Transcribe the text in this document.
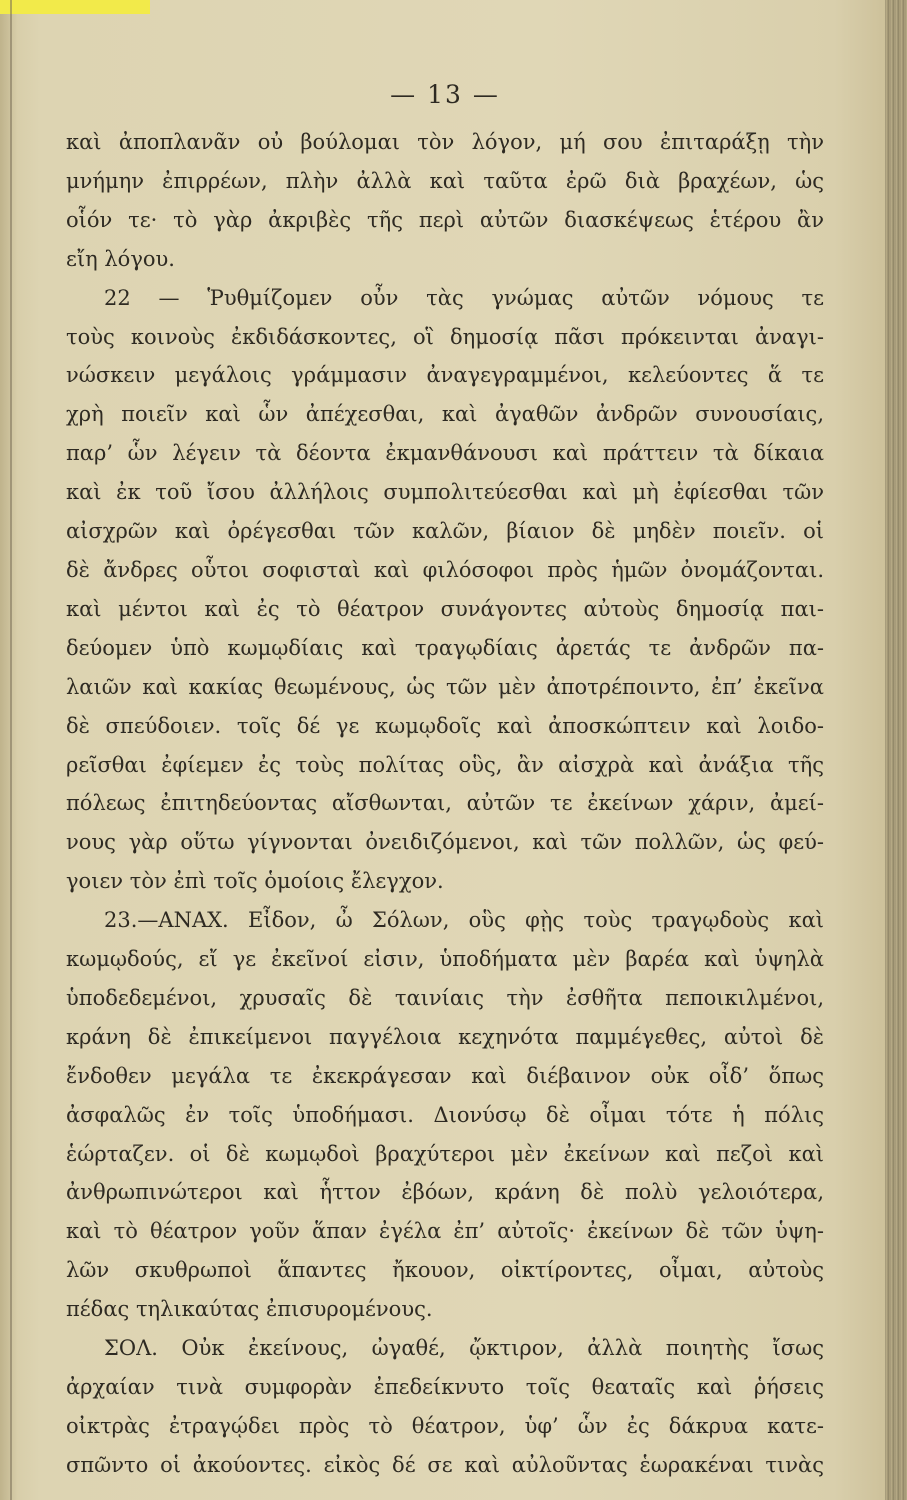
— 13 —
καὶ ἀποπλανᾶν οὐ βούλομαι τὸν λόγον, μή σου ἐπιταράξῃ τὴν
μνήμην ἐπιρρέων, πλὴν ἀλλὰ καὶ ταῦτα ἐρῶ διὰ βραχέων, ὡς
οἷόν τε· τὸ γὰρ ἀκριβὲς τῆς περὶ αὐτῶν διασκέψεως ἑτέρου ἂν
εἴη λόγου.
22 — Ῥυθμίζομεν οὖν τὰς γνώμας αὐτῶν νόμους τε
τοὺς κοινοὺς ἐκδιδάσκοντες, οἳ δημοσίᾳ πᾶσι πρόκεινται ἀναγι-
νώσκειν μεγάλοις γράμμασιν ἀναγεγραμμένοι, κελεύοντες ἅ τε
χρὴ ποιεῖν καὶ ὧν ἀπέχεσθαι, καὶ ἀγαθῶν ἀνδρῶν συνουσίαις,
παρ’ ὧν λέγειν τὰ δέοντα ἐκμανθάνουσι καὶ πράττειν τὰ δίκαια
καὶ ἐκ τοῦ ἴσου ἀλλήλοις συμπολιτεύεσθαι καὶ μὴ ἐφίεσθαι τῶν
αἰσχρῶν καὶ ὀρέγεσθαι τῶν καλῶν, βίαιον δὲ μηδὲν ποιεῖν. οἱ
δὲ ἄνδρες οὗτοι σοφισταὶ καὶ φιλόσοφοι πρὸς ἡμῶν ὀνομάζονται.
καὶ μέντοι καὶ ἐς τὸ θέατρον συνάγοντες αὐτοὺς δημοσίᾳ παι-
δεύομεν ὑπὸ κωμῳδίαις καὶ τραγῳδίαις ἀρετάς τε ἀνδρῶν πα-
λαιῶν καὶ κακίας θεωμένους, ὡς τῶν μὲν ἀποτρέποιντο, ἐπ’ ἐκεῖνα
δὲ σπεύδοιεν. τοῖς δέ γε κωμῳδοῖς καὶ ἀποσκώπτειν καὶ λοιδο-
ρεῖσθαι ἐφίεμεν ἐς τοὺς πολίτας οὓς, ἂν αἰσχρὰ καὶ ἀνάξια τῆς
πόλεως ἐπιτηδεύοντας αἴσθωνται, αὐτῶν τε ἐκείνων χάριν, ἀμεί-
νους γὰρ οὕτω γίγνονται ὀνειδιζόμενοι, καὶ τῶν πολλῶν, ὡς φεύ-
γοιεν τὸν ἐπὶ τοῖς ὁμοίοις ἔλεγχον.
23.—ΑΝΑΧ. Εἶδον, ὦ Σόλων, οὓς φῂς τοὺς τραγῳδοὺς καὶ
κωμῳδούς, εἴ γε ἐκεῖνοί εἰσιν, ὑποδήματα μὲν βαρέα καὶ ὑψηλὰ
ὑποδεδεμένοι, χρυσαῖς δὲ ταινίαις τὴν ἐσθῆτα πεποικιλμένοι,
κράνη δὲ ἐπικείμενοι παγγέλοια κεχηνότα παμμέγεθες, αὐτοὶ δὲ
ἔνδοθεν μεγάλα τε ἐκεκράγεσαν καὶ διέβαινον οὐκ οἶδ’ ὅπως
ἀσφαλῶς ἐν τοῖς ὑποδήμασι. Διονύσῳ δὲ οἶμαι τότε ἡ πόλις
ἑώρταζεν. οἱ δὲ κωμῳδοὶ βραχύτεροι μὲν ἐκείνων καὶ πεζοὶ καὶ
ἀνθρωπινώτεροι καὶ ἧττον ἐβόων, κράνη δὲ πολὺ γελοιότερα,
καὶ τὸ θέατρον γοῦν ἅπαν ἐγέλα ἐπ’ αὐτοῖς· ἐκείνων δὲ τῶν ὑψη-
λῶν σκυθρωποὶ ἅπαντες ἤκουον, οἰκτίροντες, οἶμαι, αὐτοὺς
πέδας τηλικαύτας ἐπισυρομένους.
ΣΟΛ. Οὐκ ἐκείνους, ὠγαθέ, ᾤκτιρον, ἀλλὰ ποιητὴς ἴσως
ἀρχαίαν τινὰ συμφορὰν ἐπεδείκνυτο τοῖς θεαταῖς καὶ ῥήσεις
οἰκτρὰς ἐτραγῴδει πρὸς τὸ θέατρον, ὑφ’ ὧν ἐς δάκρυα κατε-
σπῶντο οἱ ἀκούοντες. εἰκὸς δέ σε καὶ αὐλοῦντας ἑωρακέναι τινὰς
